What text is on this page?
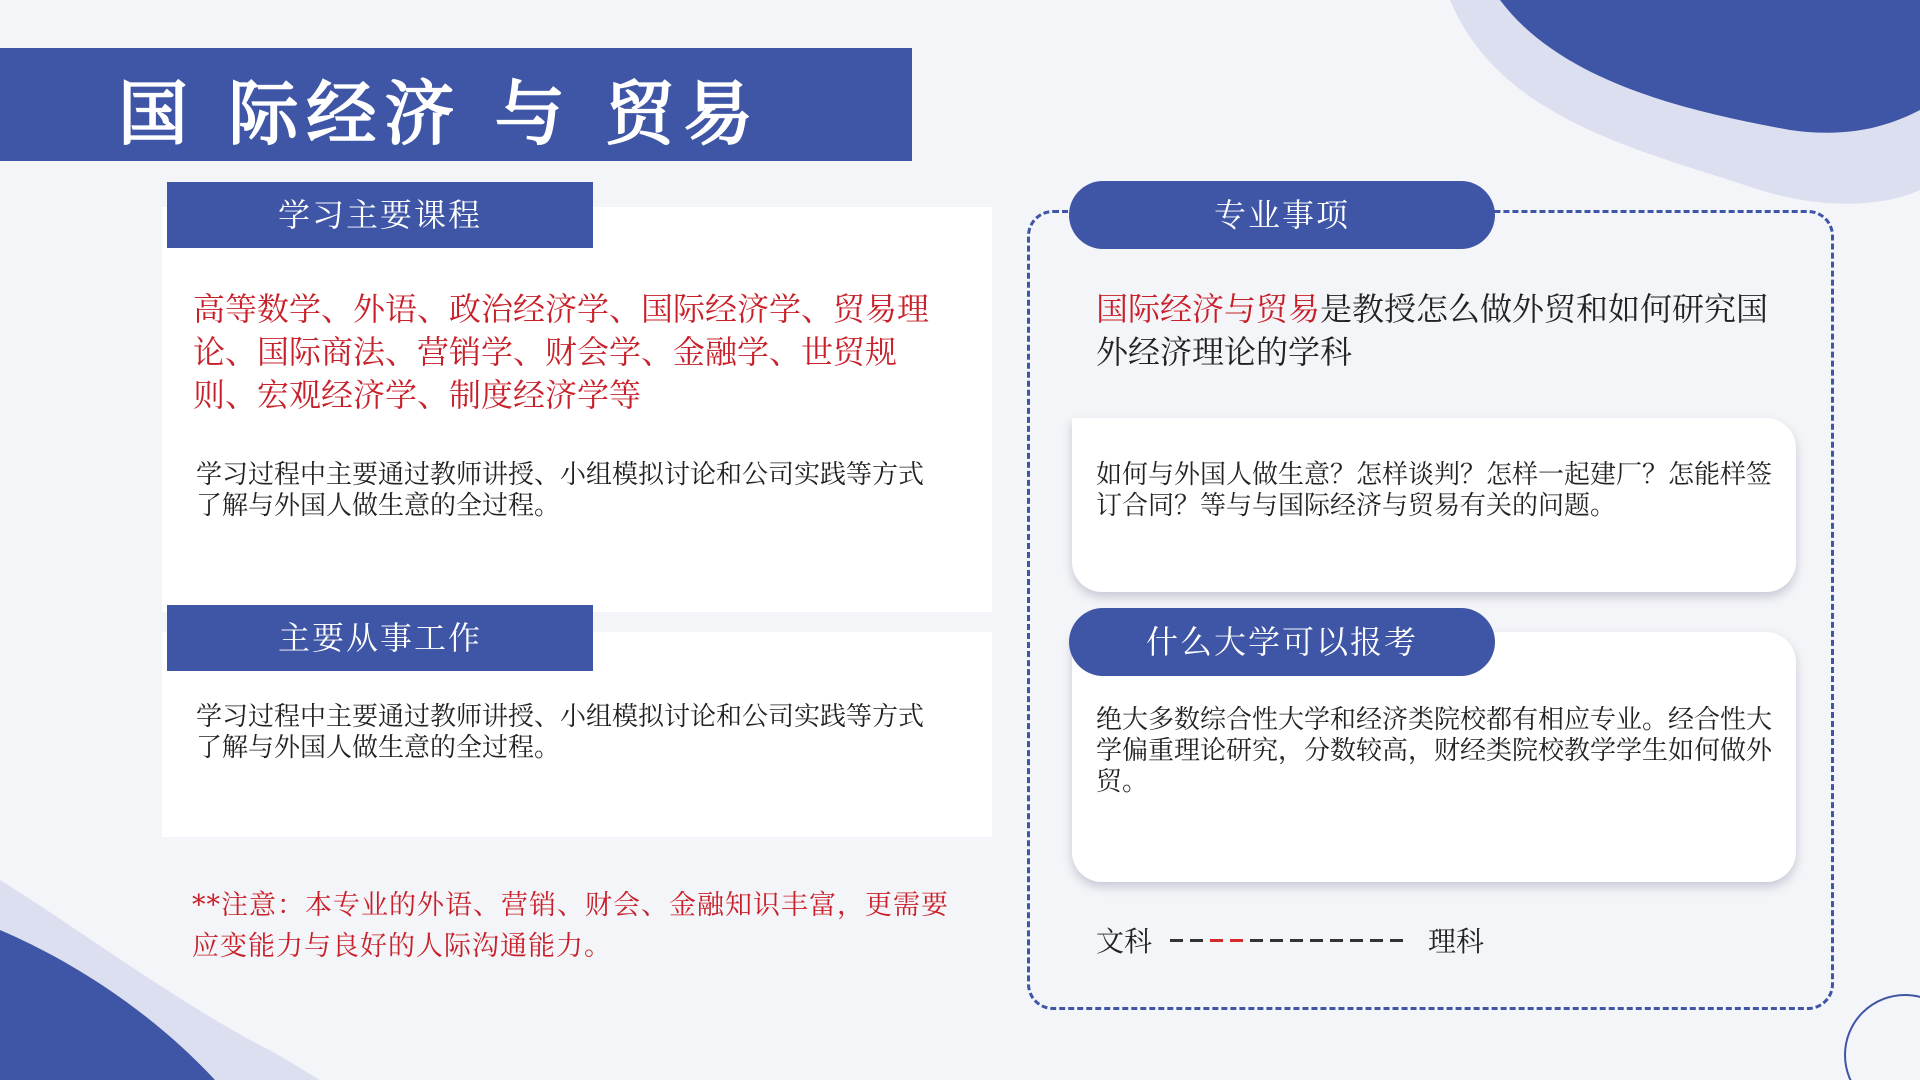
国 际经济 与 贸易
学习主要课程

高等数学、外语、政治经济学、国际经济学、贸易理论、国际商法、营销学、财会学、金融学、世贸规则、宏观经济学、制度经济学等

学习过程中主要通过教师讲授、小组模拟讨论和公司实践等方式了解与外国人做生意的全过程。

主要从事工作

学习过程中主要通过教师讲授、小组模拟讨论和公司实践等方式了解与外国人做生意的全过程。

**注意：本专业的外语、营销、财会、金融知识丰富，更需要应变能力与良好的人际沟通能力。

专业事项

国际经济与贸易是教授怎么做外贸和如何研究国外经济理论的学科

如何与外国人做生意？怎样谈判？怎样一起建厂？怎能样签订合同？等与与国际经济与贸易有关的问题。

什么大学可以报考

绝大多数综合性大学和经济类院校都有相应专业。经合性大学偏重理论研究，分数较高，财经类院校教学学生如何做外贸。

文科	理科
